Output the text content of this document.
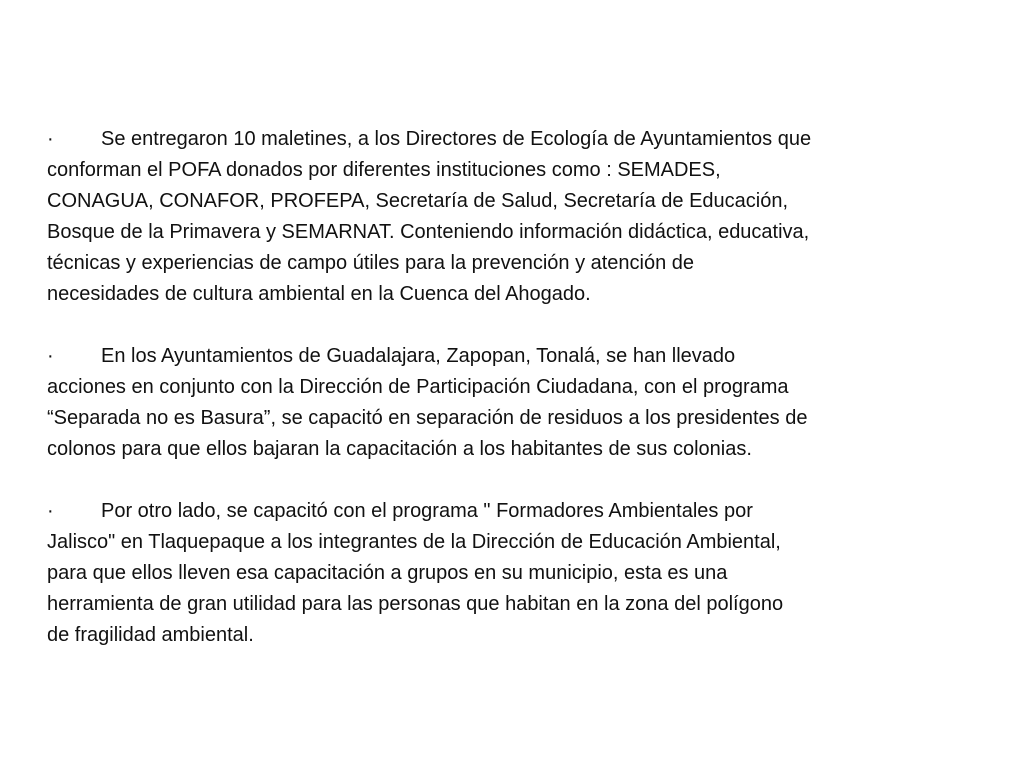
· Se entregaron 10 maletines, a los Directores de Ecología de Ayuntamientos que
conforman el POFA donados por diferentes instituciones como : SEMADES,
CONAGUA, CONAFOR, PROFEPA, Secretaría de Salud, Secretaría de Educación,
Bosque de la Primavera y SEMARNAT. Conteniendo información didáctica, educativa,
técnicas y experiencias de campo útiles para la prevención y atención de
necesidades de cultura ambiental en la Cuenca del Ahogado.
· En los Ayuntamientos de Guadalajara, Zapopan, Tonalá, se han llevado
acciones en conjunto con la Dirección de Participación Ciudadana, con el programa
“Separada no es Basura”, se capacitó en separación de residuos a los presidentes de
colonos para que ellos bajaran la capacitación a los habitantes de sus colonias.
· Por otro lado, se capacitó con el programa " Formadores Ambientales por
Jalisco" en Tlaquepaque a los integrantes de la Dirección de Educación Ambiental,
para que ellos lleven esa capacitación a grupos en su municipio, esta es una
herramienta de gran utilidad para las personas que habitan en la zona del polígono
de fragilidad ambiental.
